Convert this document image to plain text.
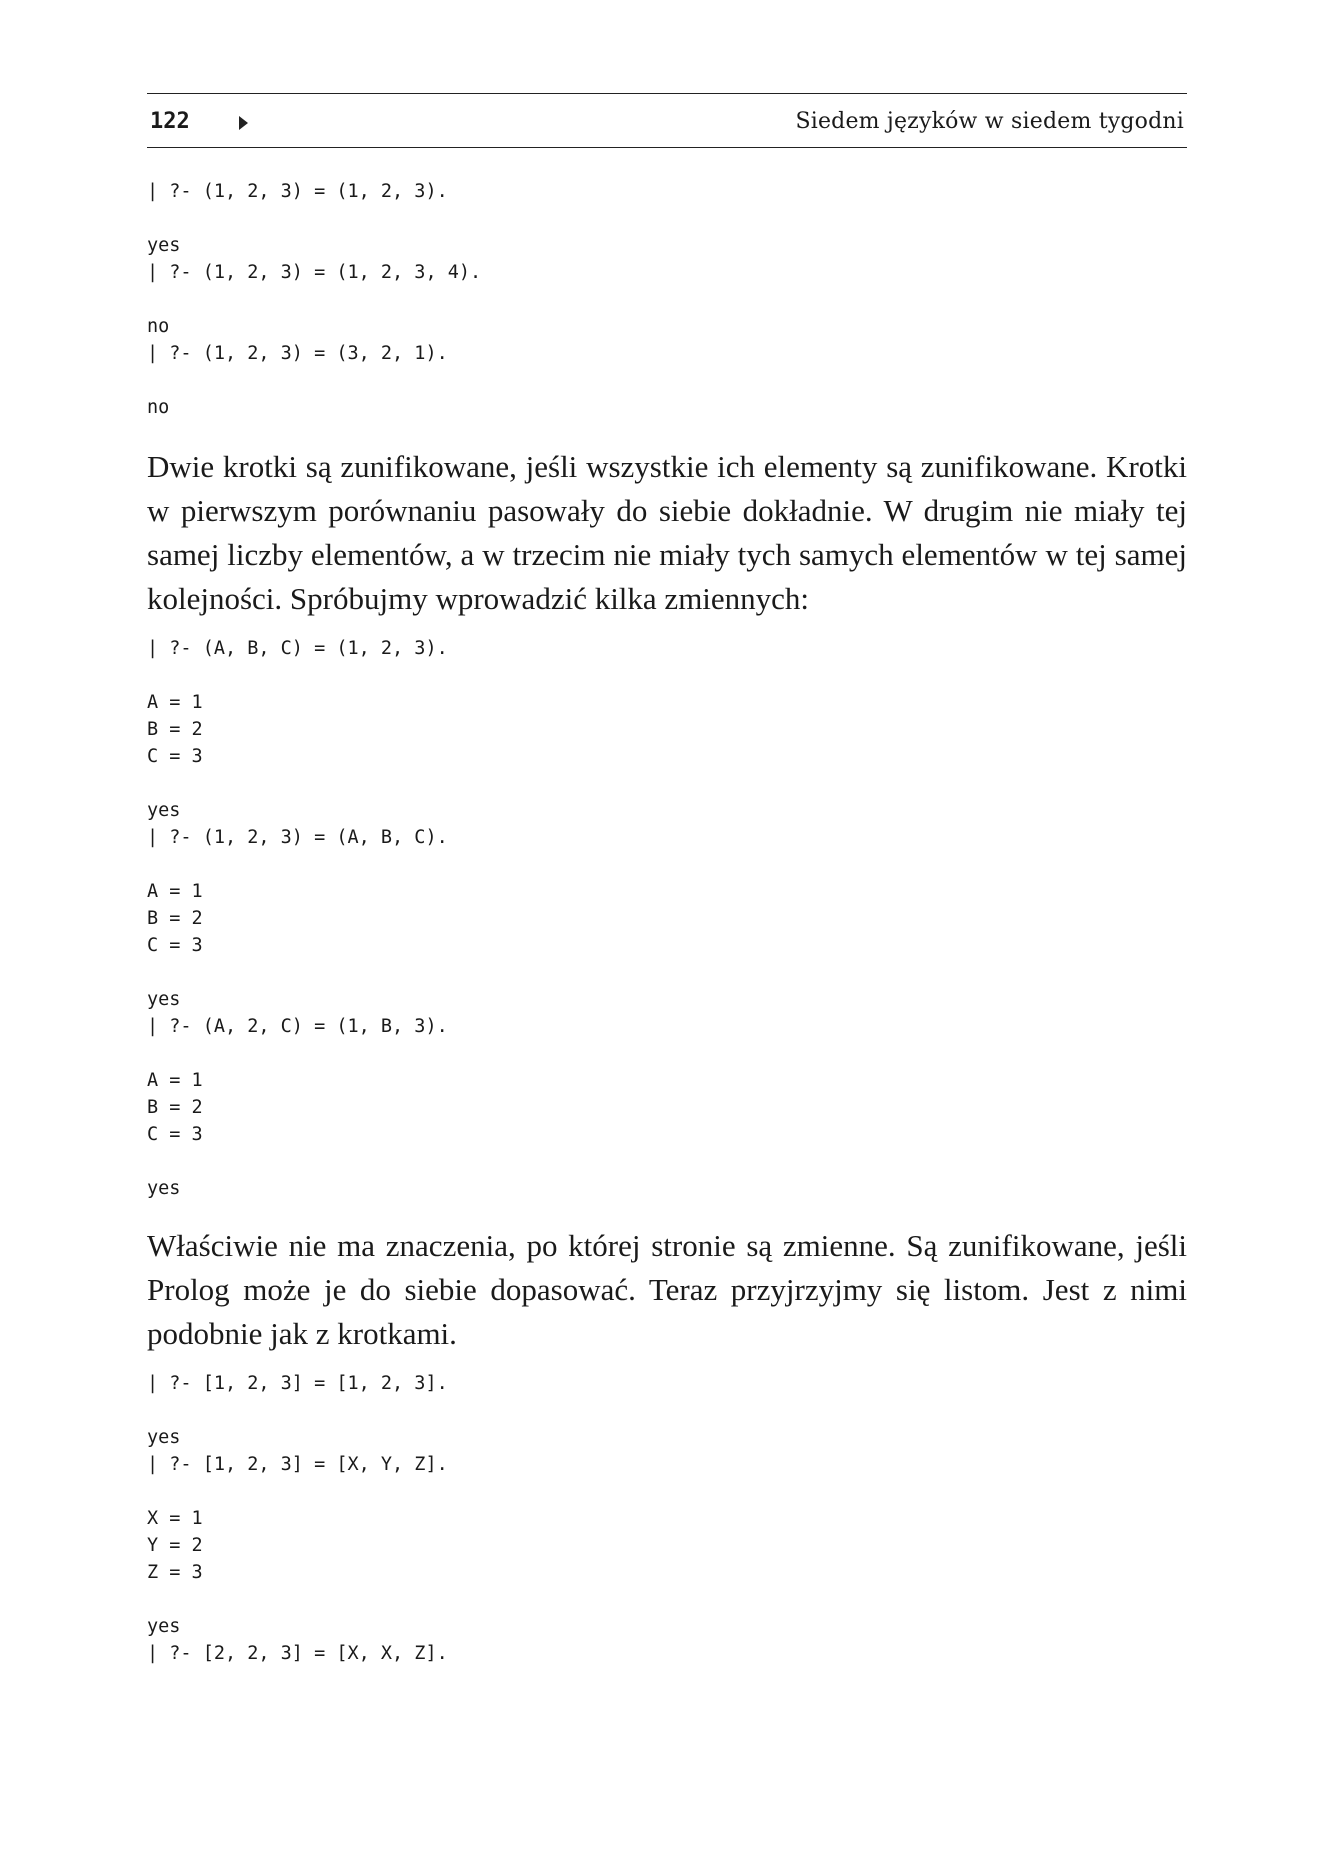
122	Siedem języków w siedem tygodni
| ?- (1, 2, 3) = (1, 2, 3).

yes
| ?- (1, 2, 3) = (1, 2, 3, 4).

no
| ?- (1, 2, 3) = (3, 2, 1).

no

Dwie krotki są zunifikowane, jeśli wszystkie ich elementy są zunifikowane. Krotki w pierwszym porównaniu pasowały do siebie dokładnie. W drugim nie miały tej samej liczby elementów, a w trzecim nie miały tych samych elementów w tej samej kolejności. Spróbujmy wprowadzić kilka zmiennych:

| ?- (A, B, C) = (1, 2, 3).

A = 1
B = 2
C = 3

yes
| ?- (1, 2, 3) = (A, B, C).

A = 1
B = 2
C = 3

yes
| ?- (A, 2, C) = (1, B, 3).

A = 1
B = 2
C = 3

yes

Właściwie nie ma znaczenia, po której stronie są zmienne. Są zunifikowane, jeśli Prolog może je do siebie dopasować. Teraz przyjrzyjmy się listom. Jest z nimi podobnie jak z krotkami.

| ?- [1, 2, 3] = [1, 2, 3].

yes
| ?- [1, 2, 3] = [X, Y, Z].

X = 1
Y = 2
Z = 3

yes
| ?- [2, 2, 3] = [X, X, Z].
